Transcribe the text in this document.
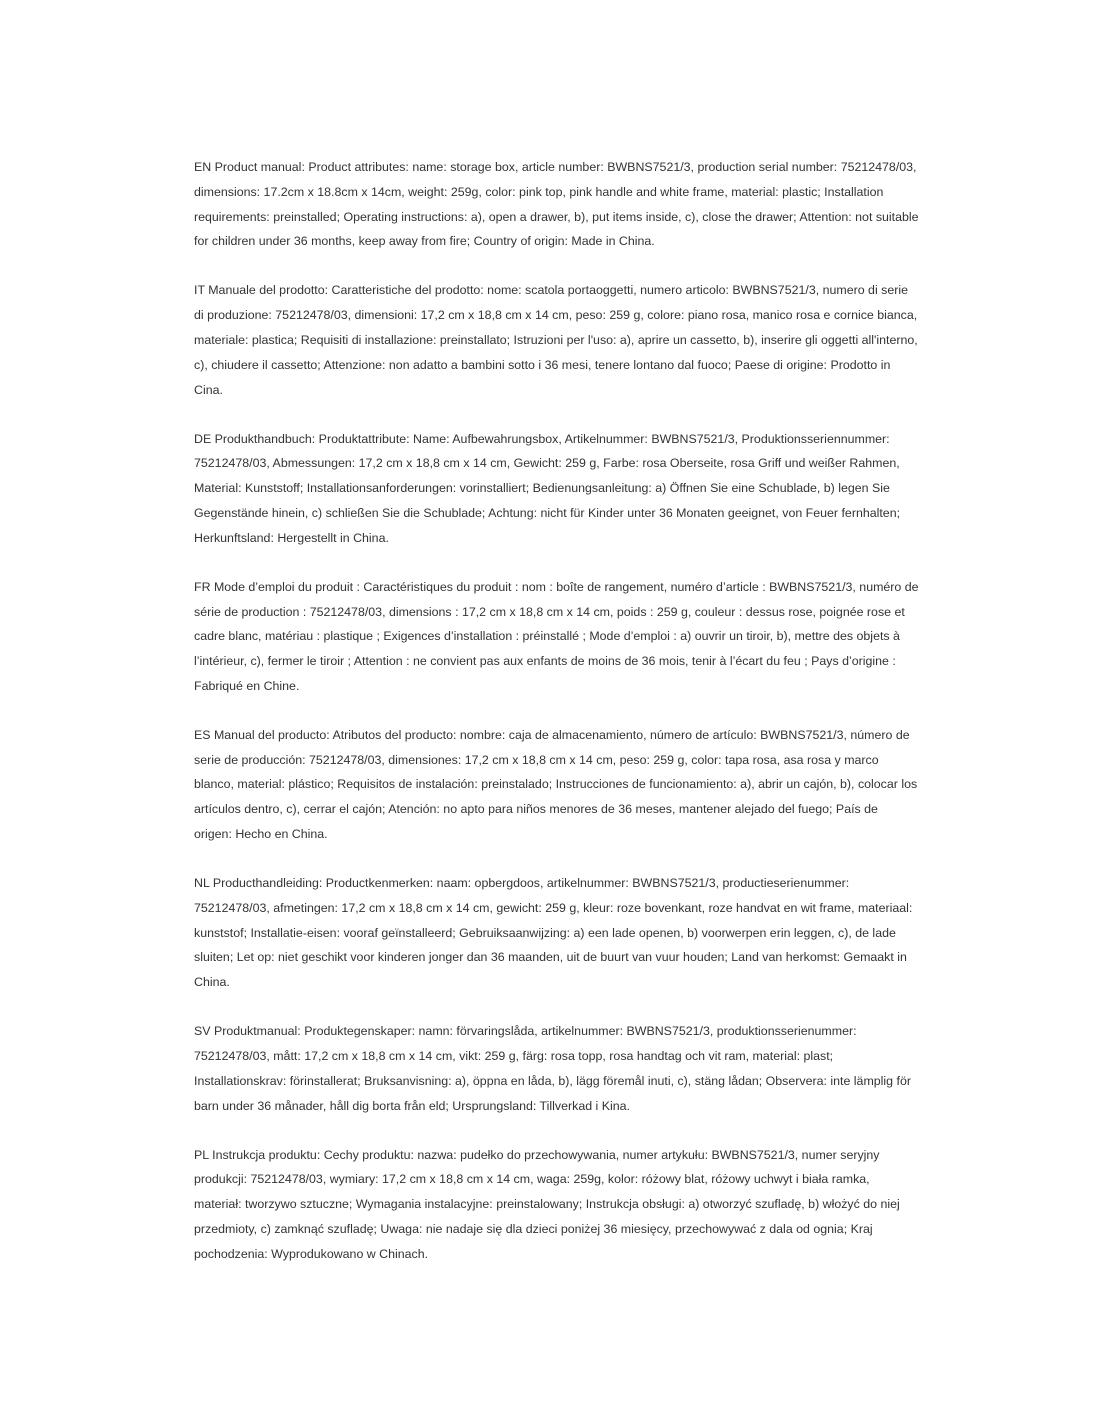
EN Product manual: Product attributes: name: storage box, article number: BWBNS7521/3, production serial number: 75212478/03, dimensions: 17.2cm x 18.8cm x 14cm, weight: 259g, color: pink top, pink handle and white frame, material: plastic; Installation requirements: preinstalled; Operating instructions: a), open a drawer, b), put items inside, c), close the drawer; Attention: not suitable for children under 36 months, keep away from fire; Country of origin: Made in China.

IT Manuale del prodotto: Caratteristiche del prodotto: nome: scatola portaoggetti, numero articolo: BWBNS7521/3, numero di serie di produzione: 75212478/03, dimensioni: 17,2 cm x 18,8 cm x 14 cm, peso: 259 g, colore: piano rosa, manico rosa e cornice bianca, materiale: plastica; Requisiti di installazione: preinstallato; Istruzioni per l'uso: a), aprire un cassetto, b), inserire gli oggetti all'interno, c), chiudere il cassetto; Attenzione: non adatto a bambini sotto i 36 mesi, tenere lontano dal fuoco; Paese di origine: Prodotto in Cina.

DE Produkthandbuch: Produktattribute: Name: Aufbewahrungsbox, Artikelnummer: BWBNS7521/3, Produktionsseriennummer: 75212478/03, Abmessungen: 17,2 cm x 18,8 cm x 14 cm, Gewicht: 259 g, Farbe: rosa Oberseite, rosa Griff und weißer Rahmen, Material: Kunststoff; Installationsanforderungen: vorinstalliert; Bedienungsanleitung: a) Öffnen Sie eine Schublade, b) legen Sie Gegenstände hinein, c) schließen Sie die Schublade; Achtung: nicht für Kinder unter 36 Monaten geeignet, von Feuer fernhalten; Herkunftsland: Hergestellt in China.

FR Mode d’emploi du produit : Caractéristiques du produit : nom : boîte de rangement, numéro d’article : BWBNS7521/3, numéro de série de production : 75212478/03, dimensions : 17,2 cm x 18,8 cm x 14 cm, poids : 259 g, couleur : dessus rose, poignée rose et cadre blanc, matériau : plastique ; Exigences d’installation : préinstallé ; Mode d’emploi : a) ouvrir un tiroir, b), mettre des objets à l’intérieur, c), fermer le tiroir ; Attention : ne convient pas aux enfants de moins de 36 mois, tenir à l’écart du feu ; Pays d’origine : Fabriqué en Chine.

ES Manual del producto: Atributos del producto: nombre: caja de almacenamiento, número de artículo: BWBNS7521/3, número de serie de producción: 75212478/03, dimensiones: 17,2 cm x 18,8 cm x 14 cm, peso: 259 g, color: tapa rosa, asa rosa y marco blanco, material: plástico; Requisitos de instalación: preinstalado; Instrucciones de funcionamiento: a), abrir un cajón, b), colocar los artículos dentro, c), cerrar el cajón; Atención: no apto para niños menores de 36 meses, mantener alejado del fuego; País de origen: Hecho en China.

NL Producthandleiding: Productkenmerken: naam: opbergdoos, artikelnummer: BWBNS7521/3, productieserienummer: 75212478/03, afmetingen: 17,2 cm x 18,8 cm x 14 cm, gewicht: 259 g, kleur: roze bovenkant, roze handvat en wit frame, materiaal: kunststof; Installatie-eisen: vooraf geïnstalleerd; Gebruiksaanwijzing: a) een lade openen, b) voorwerpen erin leggen, c), de lade sluiten; Let op: niet geschikt voor kinderen jonger dan 36 maanden, uit de buurt van vuur houden; Land van herkomst: Gemaakt in China.

SV Produktmanual: Produktegenskaper: namn: förvaringslåda, artikelnummer: BWBNS7521/3, produktionsserienummer: 75212478/03, mått: 17,2 cm x 18,8 cm x 14 cm, vikt: 259 g, färg: rosa topp, rosa handtag och vit ram, material: plast; Installationskrav: förinstallerat; Bruksanvisning: a), öppna en låda, b), lägg föremål inuti, c), stäng lådan; Observera: inte lämplig för barn under 36 månader, håll dig borta från eld; Ursprungsland: Tillverkad i Kina.

PL Instrukcja produktu: Cechy produktu: nazwa: pudełko do przechowywania, numer artykułu: BWBNS7521/3, numer seryjny produkcji: 75212478/03, wymiary: 17,2 cm x 18,8 cm x 14 cm, waga: 259g, kolor: różowy blat, różowy uchwyt i biała ramka, materiał: tworzywo sztuczne; Wymagania instalacyjne: preinstalowany; Instrukcja obsługi: a) otworzyć szufladę, b) włożyć do niej przedmioty, c) zamknąć szufladę; Uwaga: nie nadaje się dla dzieci poniżej 36 miesięcy, przechowywać z dala od ognia; Kraj pochodzenia: Wyprodukowano w Chinach.
